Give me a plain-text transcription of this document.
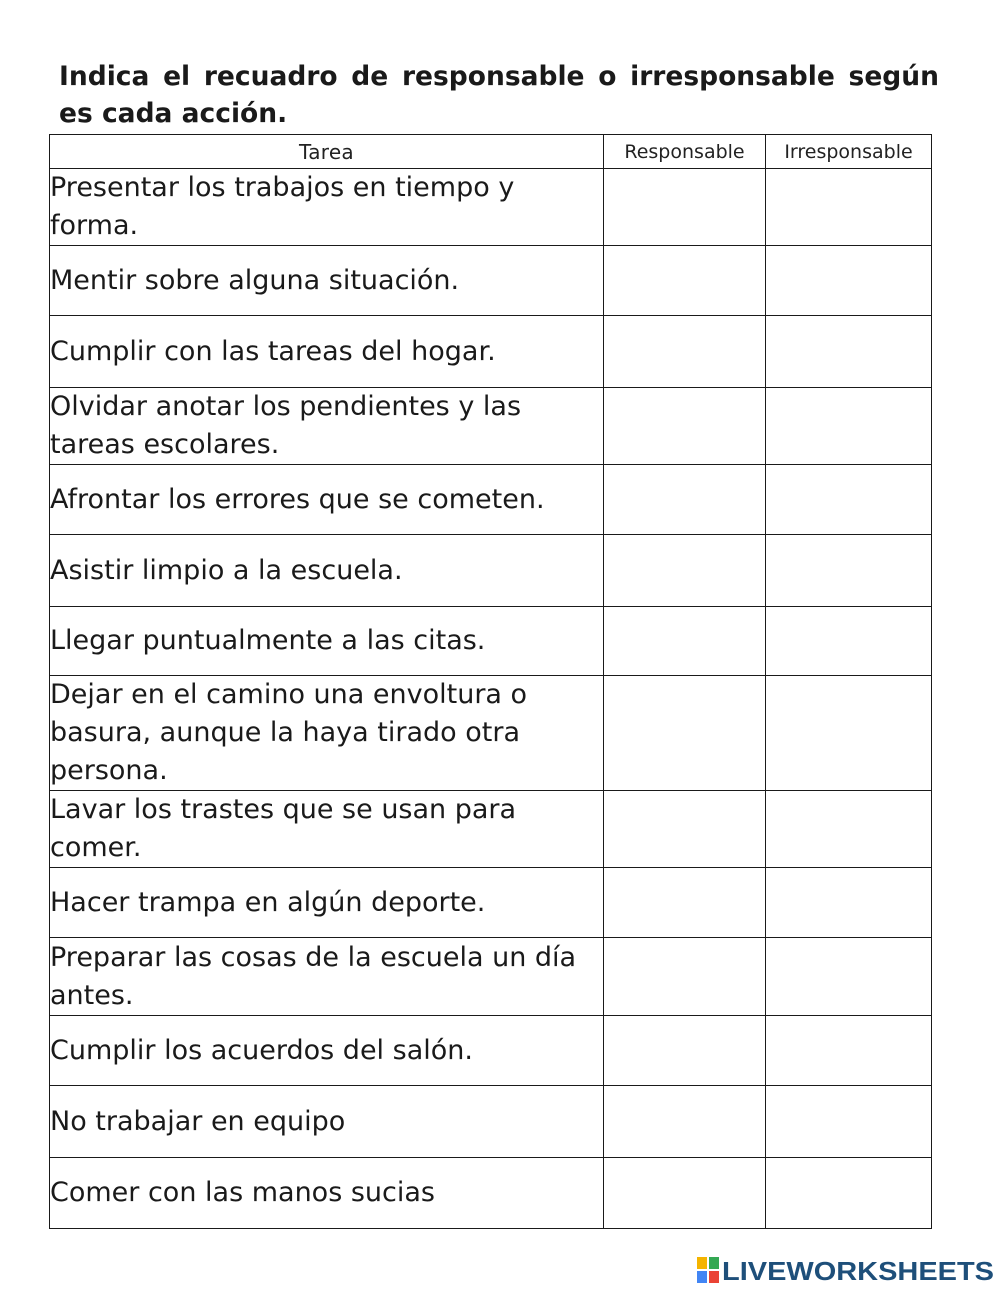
Indica el recuadro de responsable o irresponsable según es cada acción.

Tarea	Responsable	Irresponsable
Presentar los trabajos en tiempo y forma.		
Mentir sobre alguna situación.		
Cumplir con las tareas del hogar.		
Olvidar anotar los pendientes y las tareas escolares.		
Afrontar los errores que se cometen.		
Asistir limpio a la escuela.		
Llegar puntualmente a las citas.		
Dejar en el camino una envoltura o basura, aunque la haya tirado otra persona.		
Lavar los trastes que se usan para comer.		
Hacer trampa en algún deporte.		
Preparar las cosas de la escuela un día antes.		
Cumplir los acuerdos del salón.		
No trabajar en equipo		
Comer con las manos sucias		
LIVEWORKSHEETS
